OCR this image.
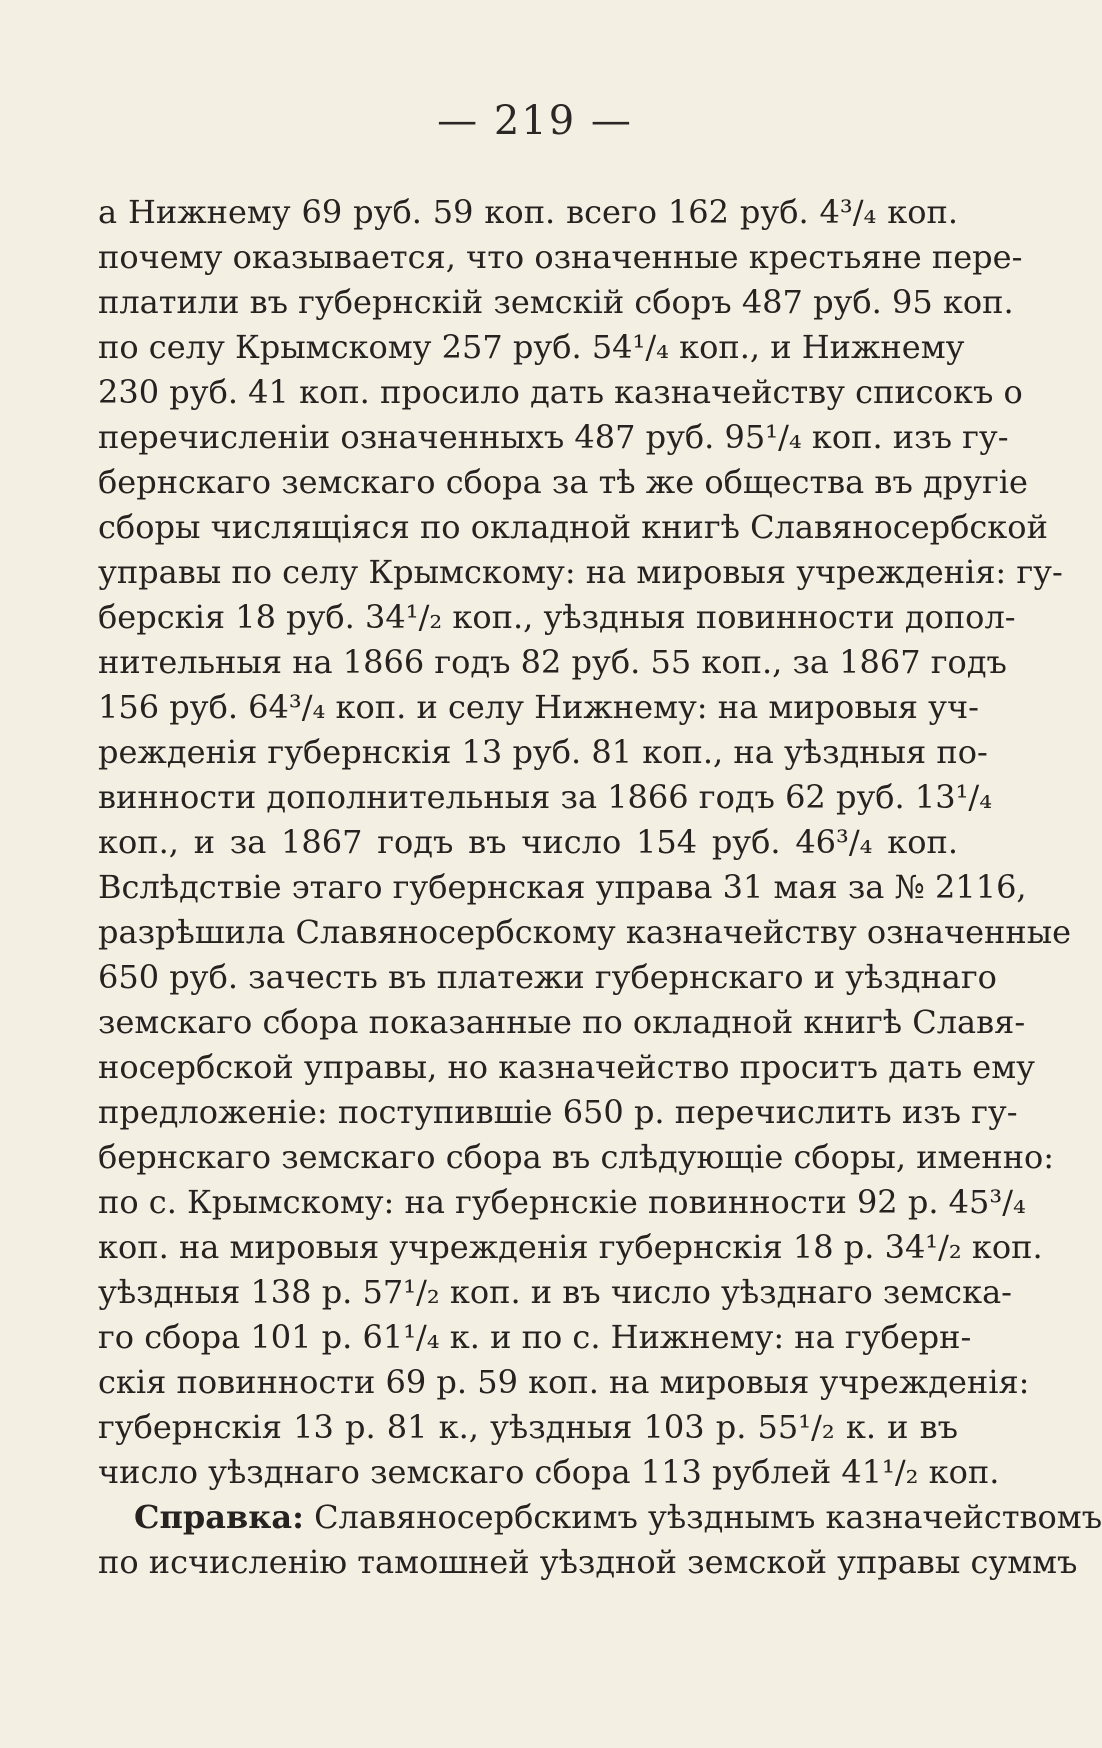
— 219 —
а Нижнему 69 руб. 59 коп. всего 162 руб. 4³/₄ коп.
почему оказывается, что означенные крестьяне пере-
платили въ губернскій земскій сборъ 487 руб. 95 коп.
по селу Крымскому 257 руб. 54¹/₄ коп., и Нижнему
230 руб. 41 коп. просило дать казначейству списокъ о
перечисленіи означенныхъ 487 руб. 95¹/₄ коп. изъ гу-
бернскаго земскаго сбора за тѣ же общества въ другіе
сборы числящіяся по окладной книгѣ Славяносербской
управы по селу Крымскому: на мировыя учрежденія: гу-
берскія 18 руб. 34¹/₂ коп., уѣздныя повинности допол-
нительныя на 1866 годъ 82 руб. 55 коп., за 1867 годъ
156 руб. 64³/₄ коп. и селу Нижнему: на мировыя уч-
режденія губернскія 13 руб. 81 коп., на уѣздныя по-
винности дополнительныя за 1866 годъ 62 руб. 13¹/₄
коп., и за 1867 годъ въ число 154 руб. 46³/₄ коп.
Вслѣдствіе этаго губернская управа 31 мая за № 2116,
разрѣшила Славяносербскому казначейству означенные
650 руб. зачесть въ платежи губернскаго и уѣзднаго
земскаго сбора показанные по окладной книгѣ Славя-
носербской управы, но казначейство проситъ дать ему
предложеніе: поступившіе 650 р. перечислить изъ гу-
бернскаго земскаго сбора въ слѣдующіе сборы, именно:
по с. Крымскому: на губернскіе повинности 92 р. 45³/₄
коп. на мировыя учрежденія губернскія 18 р. 34¹/₂ коп.
уѣздныя 138 р. 57¹/₂ коп. и въ число уѣзднаго земска-
го сбора 101 р. 61¹/₄ к. и по с. Нижнему: на губерн-
скія повинности 69 р. 59 коп. на мировыя учрежденія:
губернскія 13 р. 81 к., уѣздныя 103 р. 55¹/₂ к. и въ
число уѣзднаго земскаго сбора 113 рублей 41¹/₂ коп.
Справка: Славяносербскимъ уѣзднымъ казначействомъ
по исчисленію тамошней уѣздной земской управы суммъ
